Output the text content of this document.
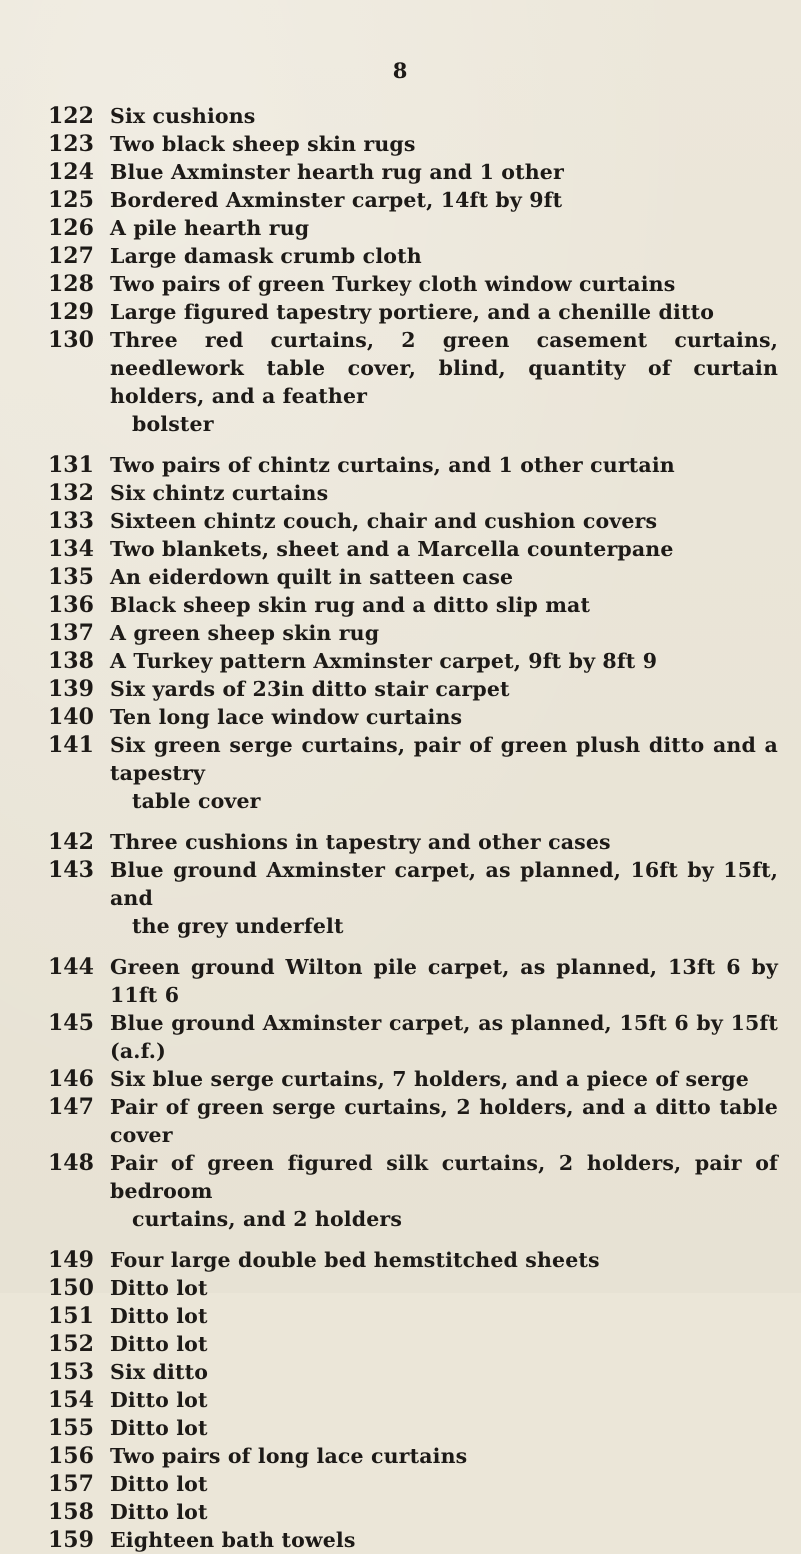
8
122 Six cushions
123 Two black sheep skin rugs
124 Blue Axminster hearth rug and 1 other
125 Bordered Axminster carpet, 14ft by 9ft
126 A pile hearth rug
127 Large damask crumb cloth
128 Two pairs of green Turkey cloth window curtains
129 Large figured tapestry portiere, and a chenille ditto
130 Three red curtains, 2 green casement curtains, needlework table cover, blind, quantity of curtain holders, and a feather
bolster
131 Two pairs of chintz curtains, and 1 other curtain
132 Six chintz curtains
133 Sixteen chintz couch, chair and cushion covers
134 Two blankets, sheet and a Marcella counterpane
135 An eiderdown quilt in satteen case
136 Black sheep skin rug and a ditto slip mat
137 A green sheep skin rug
138 A Turkey pattern Axminster carpet, 9ft by 8ft 9
139 Six yards of 23in ditto stair carpet
140 Ten long lace window curtains
141 Six green serge curtains, pair of green plush ditto and a tapestry
table cover
142 Three cushions in tapestry and other cases
143 Blue ground Axminster carpet, as planned, 16ft by 15ft, and
the grey underfelt
144 Green ground Wilton pile carpet, as planned, 13ft 6 by 11ft 6
145 Blue ground Axminster carpet, as planned, 15ft 6 by 15ft (a.f.)
146 Six blue serge curtains, 7 holders, and a piece of serge
147 Pair of green serge curtains, 2 holders, and a ditto table cover
148 Pair of green figured silk curtains, 2 holders, pair of bedroom
curtains, and 2 holders
149 Four large double bed hemstitched sheets
150 Ditto lot
151 Ditto lot
152 Ditto lot
153 Six ditto
154 Ditto lot
155 Ditto lot
156 Two pairs of long lace curtains
157 Ditto lot
158 Ditto lot
159 Eighteen bath towels
